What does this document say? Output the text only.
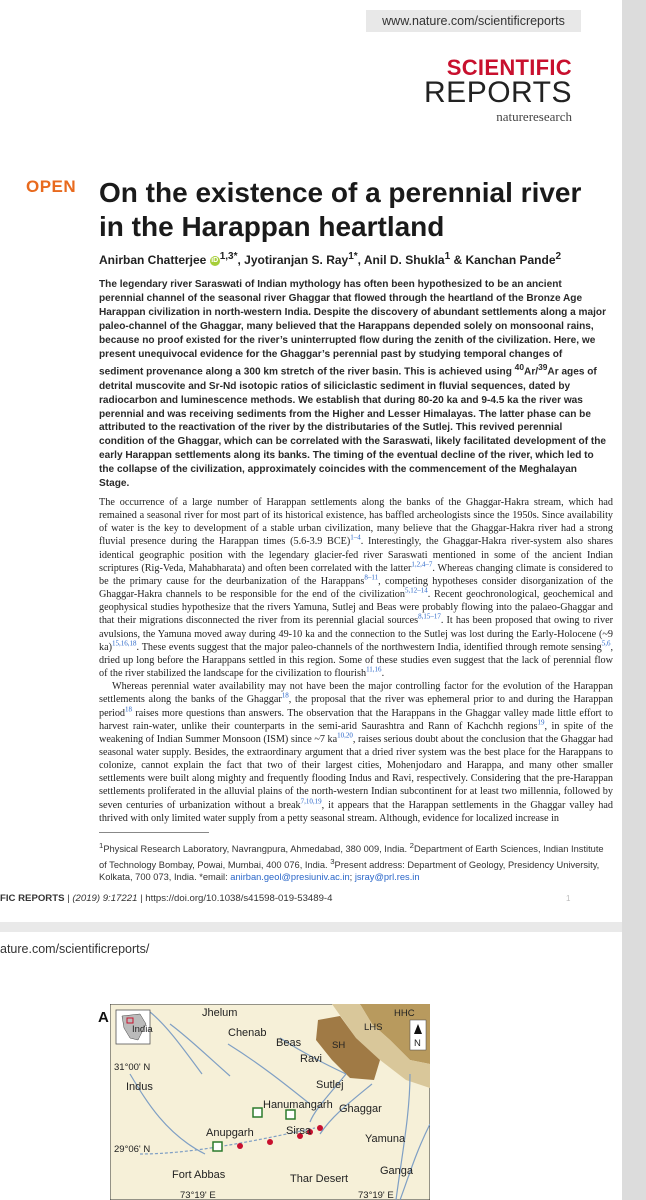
www.nature.com/scientificreports
SCIENTIFIC
REPORTS
natureresearch
OPEN On the existence of a perennial river in the Harappan heartland
Anirban Chatterjee iD $^{1,3*}$, Jyotiranjan S. Ray$^{1*}$, Anil D. Shukla$^1$ & Kanchan Pande$^2$

The legendary river Saraswati of Indian mythology has often been hypothesized to be an ancient perennial channel of the seasonal river Ghaggar that flowed through the heartland of the Bronze Age Harappan civilization in north-western India. Despite the discovery of abundant settlements along a major paleo-channel of the Ghaggar, many believed that the Harappans depended solely on monsoonal rains, because no proof existed for the river’s uninterrupted flow during the zenith of the civilization. Here, we present unequivocal evidence for the Ghaggar’s perennial past by studying temporal changes of sediment provenance along a 300 km stretch of the river basin. This is achieved using $^{40}$Ar/$^{39}$Ar ages of detrital muscovite and Sr-Nd isotopic ratios of siliciclastic sediment in fluvial sequences, dated by radiocarbon and luminescence methods. We establish that during 80-20 ka and 9-4.5 ka the river was perennial and was receiving sediments from the Higher and Lesser Himalayas. The latter phase can be attributed to the reactivation of the river by the distributaries of the Sutlej. This revived perennial condition of the Ghaggar, which can be correlated with the Saraswati, likely facilitated development of the early Harappan settlements along its banks. The timing of the eventual decline of the river, which led to the collapse of the civilization, approximately coincides with the commencement of the Meghalayan Stage.

The occurrence of a large number of Harappan settlements along the banks of the Ghaggar-Hakra stream, which had remained a seasonal river for most part of its historical existence, has baffled archeologists since the 1950s. Since availability of water is the key to development of a stable urban civilization, many believe that the Ghaggar-Hakra river had a strong fluvial presence during the Harappan times (5.6-3.9 BCE)$^{1-4}$. Interestingly, the Ghaggar-Hakra river-system also shares identical geographic position with the legendary glacier-fed river Saraswati mentioned in some of the ancient Indian scriptures (Rig-Veda, Mahabharata) and often been correlated with the latter$^{1,2,4-7}$. Whereas changing climate is considered to be the primary cause for the deurbanization of the Harappans$^{8-11}$, competing hypotheses consider disorganization of the Ghaggar-Hakra channels to be responsible for the end of the civilization$^{5,12-14}$. Recent geochronological, geochemical and geophysical studies hypothesize that the rivers Yamuna, Sutlej and Beas were probably flowing into the palaeo-Ghaggar and that their migrations disconnected the river from its perennial glacial sources$^{8,15-17}$. It has been proposed that owing to river avulsions, the Yamuna moved away during 49-10 ka and the connection to the Sutlej was lost during the Early-Holocene (~9 ka)$^{15,16,18}$. These events suggest that the major paleo-channels of the northwestern India, identified through remote sensing$^{5,6}$, dried up long before the Harappans settled in this region. Some of these studies even suggest that the lack of perennial flow of the river stabilized the landscape for the civilization to flourish$^{11,16}$.

Whereas perennial water availability may not have been the major controlling factor for the evolution of the Harappan settlements along the banks of the Ghaggar$^{18}$, the proposal that the river was ephemeral prior to and during the Harappan period$^{18}$ raises more questions than answers. The observation that the Harappans in the Ghaggar valley made little effort to harvest rain-water, unlike their counterparts in the semi-arid Saurashtra and Rann of Kachchh regions$^{19}$, in spite of the weakening of Indian Summer Monsoon (ISM) since ~7 ka$^{10,20}$, raises serious doubt about the conclusion that the Ghaggar had seasonal water supply. Besides, the extraordinary argument that a dried river system was the best place for the Harappans to colonize, cannot explain the fact that two of their largest cities, Mohenjodaro and Harappa, and many other smaller settlements were built along mighty and frequently flooding Indus and Ravi, respectively. Considering that the pre-Harappan settlements proliferated in the alluvial plains of the north-western Indian subcontinent for at least two millennia, followed by seven centuries of urbanization without a break$^{7,10,19}$, it appears that the Harappan settlements in the Ghaggar valley had thrived with only limited water supply from a petty seasonal stream. Although, evidence for localized increase in

$^1$Physical Research Laboratory, Navrangpura, Ahmedabad, 380 009, India. $^2$Department of Earth Sciences, Indian Institute of Technology Bombay, Powai, Mumbai, 400 076, India. $^3$Present address: Department of Geology, Presidency University, Kolkata, 700 073, India. *email: anirban.geol@presiuniv.ac.in; jsray@prl.res.in

FIC REPORTS | (2019) 9:17221 | https://doi.org/10.1038/s41598-019-53489-4	1
ature.com/scientificreports/
A
India
N
31°00' N
29°06' N
73°19' E	73°19' E
Jhelum
Chenab
Beas
Ravi
Indus	Sutlej
Ghaggar
Yamuna
Ganga
Hanumangarh
Anupgarh	Sirsa
Fort Abbas	Thar Desert
HHC
LHS
SH
